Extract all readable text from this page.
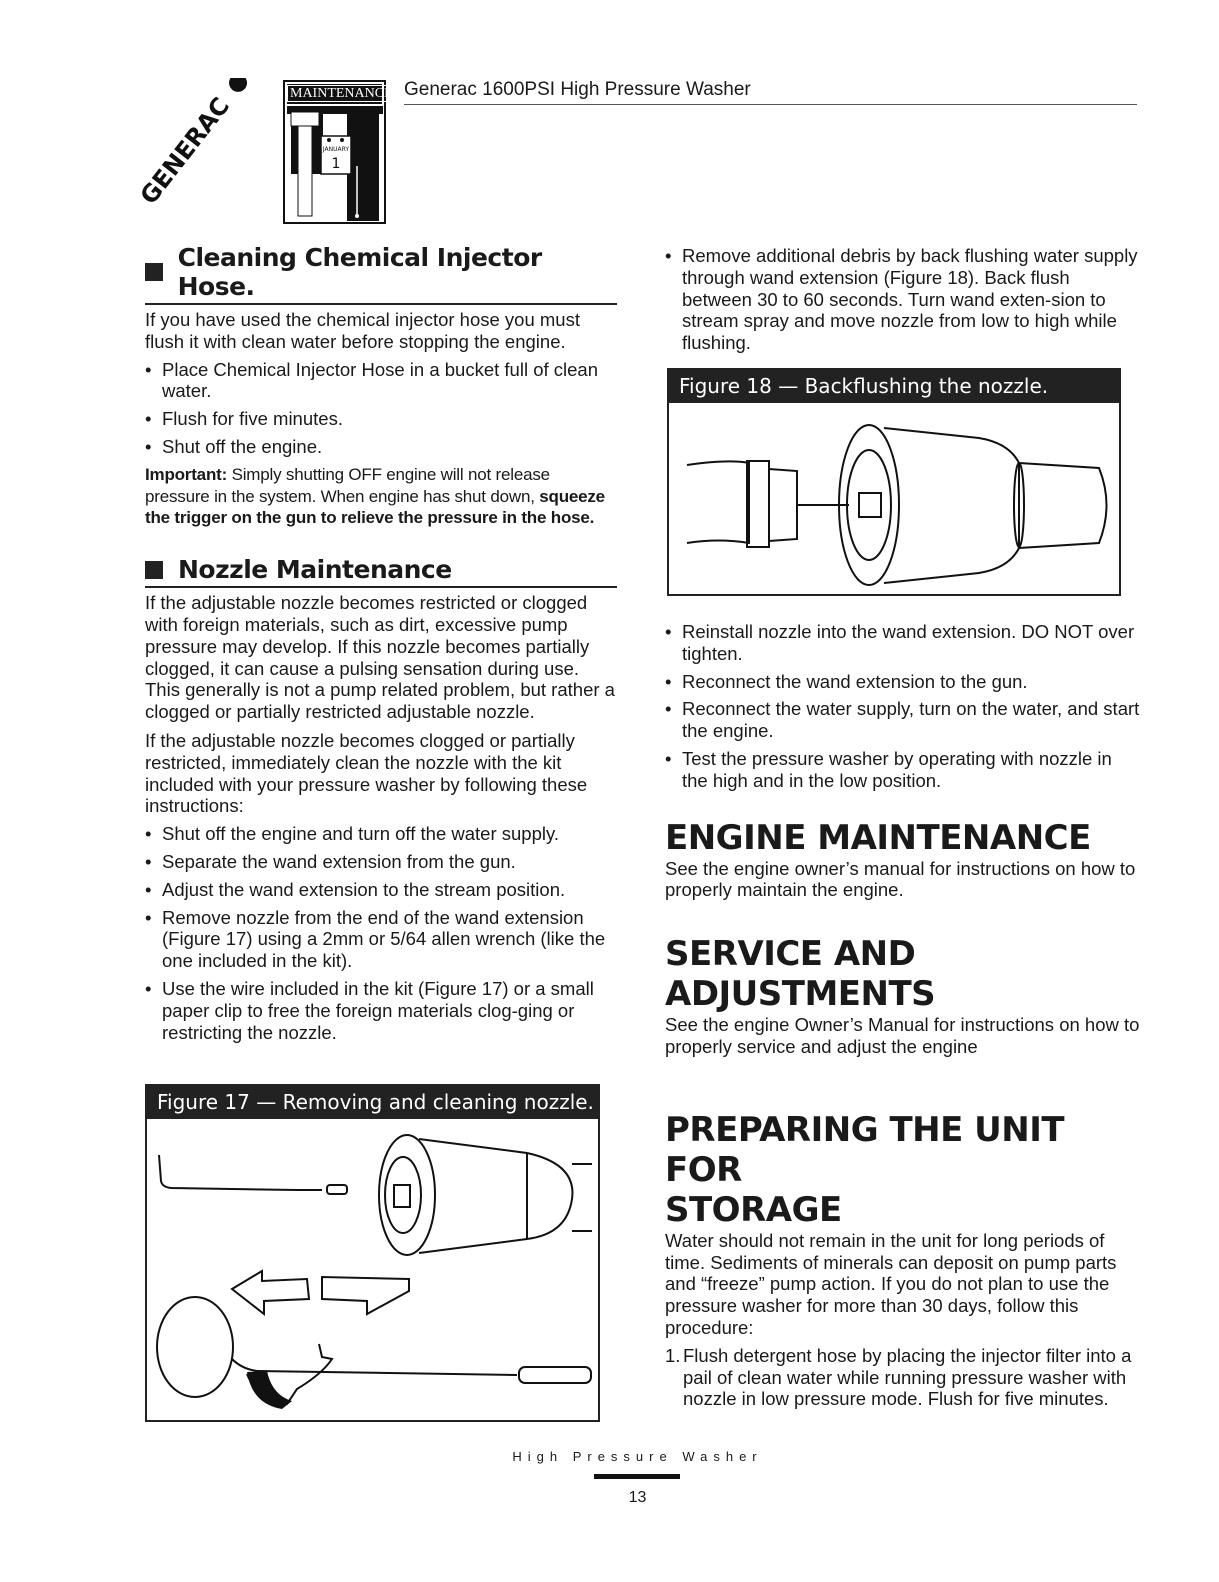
GENERAC	MAINTENANCE
JANUARY
1
Generac 1600PSI High Pressure Washer
Cleaning Chemical Injector Hose.

If you have used the chemical injector hose you must flush it with clean water before stopping the engine.

• Place Chemical Injector Hose in a bucket full of clean water.
• Flush for five minutes.
• Shut off the engine.

Important: Simply shutting OFF engine will not release pressure in the system. When engine has shut down, squeeze the trigger on the gun to relieve the pressure in the hose.

Nozzle Maintenance

If the adjustable nozzle becomes restricted or clogged with foreign materials, such as dirt, excessive pump pressure may develop. If this nozzle becomes partially clogged, it can cause a pulsing sensation during use. This generally is not a pump related problem, but rather a clogged or partially restricted adjustable nozzle.

If the adjustable nozzle becomes clogged or partially restricted, immediately clean the nozzle with the kit included with your pressure washer by following these instructions:

• Shut off the engine and turn off the water supply.
• Separate the wand extension from the gun.
• Adjust the wand extension to the stream position.
• Remove nozzle from the end of the wand extension (Figure 17) using a 2mm or 5/64 allen wrench (like the one included in the kit).
• Use the wire included in the kit (Figure 17) or a small paper clip to free the foreign materials clog-ging or restricting the nozzle.
Figure 17 — Removing and cleaning nozzle.
• Remove additional debris by back flushing water supply through wand extension (Figure 18). Back flush between 30 to 60 seconds. Turn wand exten-sion to stream spray and move nozzle from low to high while flushing.
Figure 18 — Backflushing the nozzle.
• Reinstall nozzle into the wand extension. DO NOT over tighten.
• Reconnect the wand extension to the gun.
• Reconnect the water supply, turn on the water, and start the engine.
• Test the pressure washer by operating with nozzle in the high and in the low position.
ENGINE MAINTENANCE

See the engine owner’s manual for instructions on how to properly maintain the engine.

SERVICE AND
ADJUSTMENTS

See the engine Owner’s Manual for instructions on how to properly service and adjust the engine

PREPARING THE UNIT FOR
STORAGE

Water should not remain in the unit for long periods of time. Sediments of minerals can deposit on pump parts and “freeze” pump action. If you do not plan to use the pressure washer for more than 30 days, follow this procedure:

1. Flush detergent hose by placing the injector filter into a pail of clean water while running pressure washer with nozzle in low pressure mode. Flush for five minutes.
High Pressure Washer
13
